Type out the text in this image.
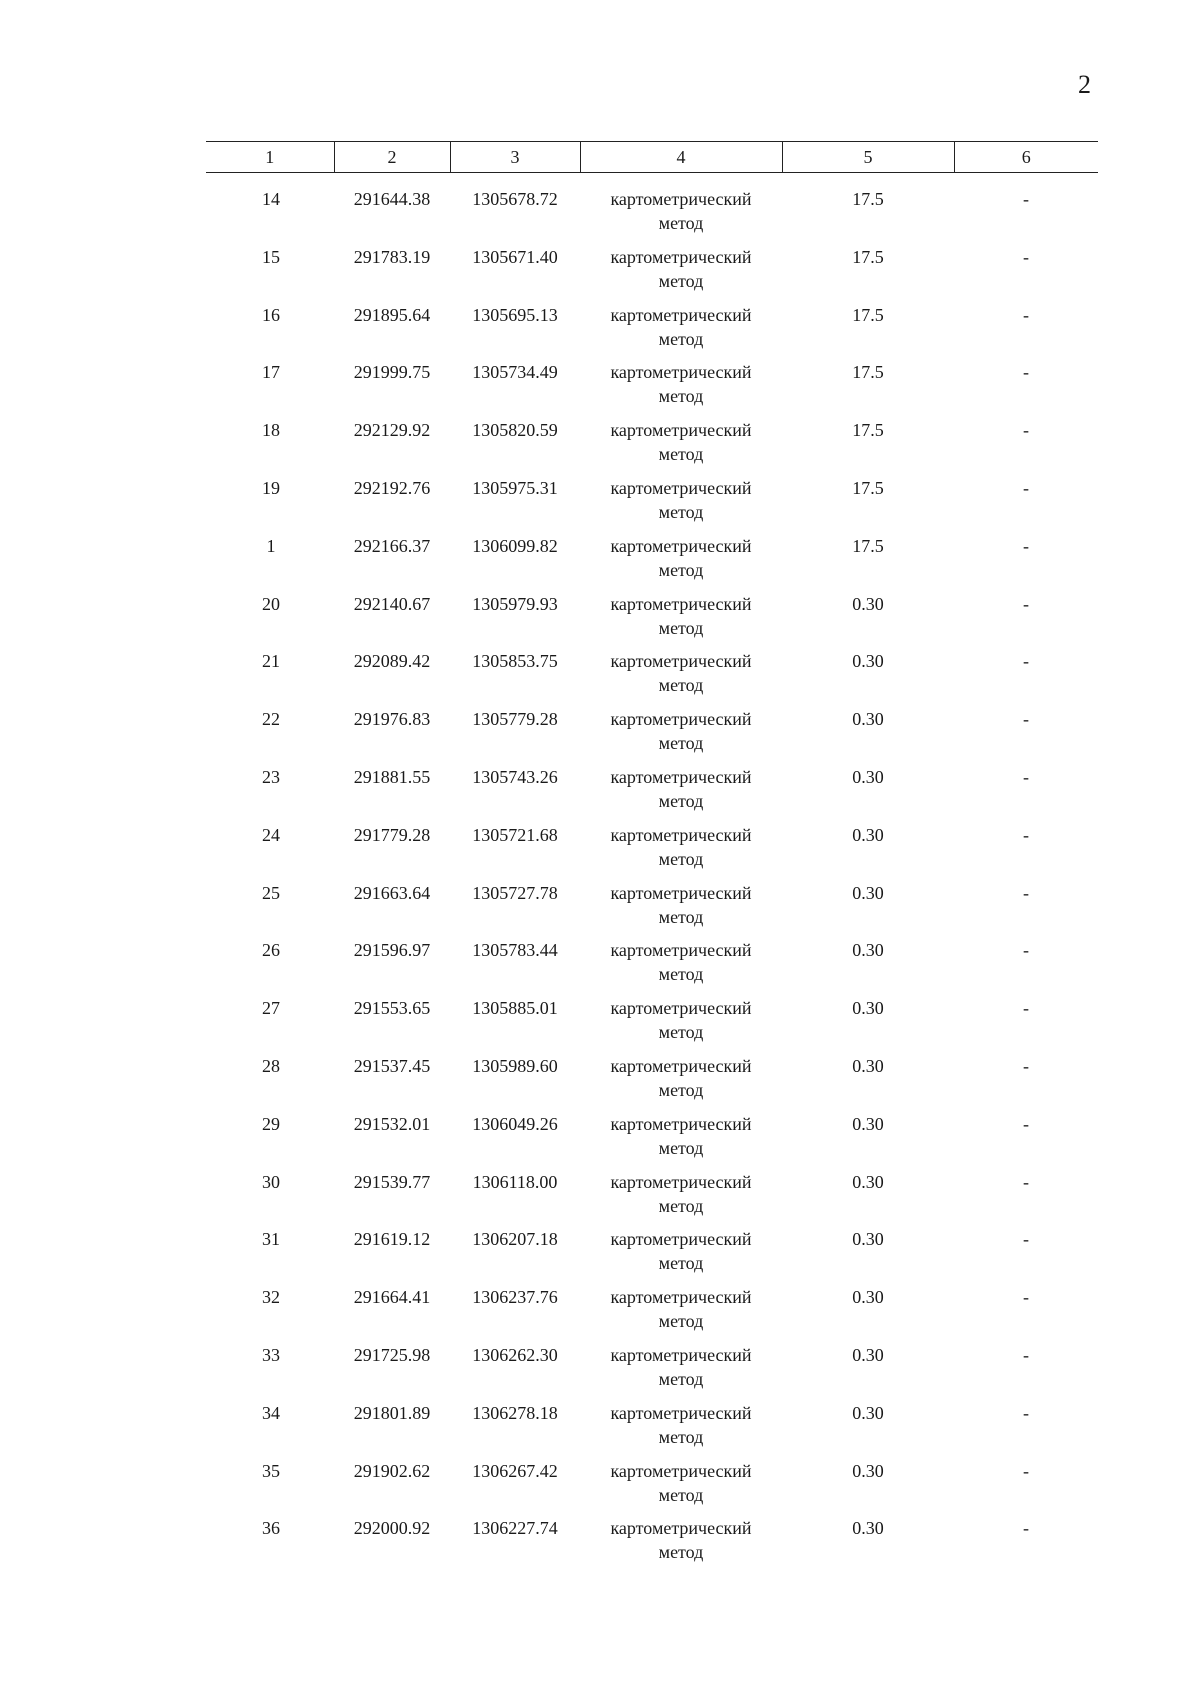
2
1	2	3	4	5	6

14	291644.38	1305678.72	картометрический
метод	17.5	-
15	291783.19	1305671.40	картометрический
метод	17.5	-
16	291895.64	1305695.13	картометрический
метод	17.5	-
17	291999.75	1305734.49	картометрический
метод	17.5	-
18	292129.92	1305820.59	картометрический
метод	17.5	-
19	292192.76	1305975.31	картометрический
метод	17.5	-
1	292166.37	1306099.82	картометрический
метод	17.5	-
20	292140.67	1305979.93	картометрический
метод	0.30	-
21	292089.42	1305853.75	картометрический
метод	0.30	-
22	291976.83	1305779.28	картометрический
метод	0.30	-
23	291881.55	1305743.26	картометрический
метод	0.30	-
24	291779.28	1305721.68	картометрический
метод	0.30	-
25	291663.64	1305727.78	картометрический
метод	0.30	-
26	291596.97	1305783.44	картометрический
метод	0.30	-
27	291553.65	1305885.01	картометрический
метод	0.30	-
28	291537.45	1305989.60	картометрический
метод	0.30	-
29	291532.01	1306049.26	картометрический
метод	0.30	-
30	291539.77	1306118.00	картометрический
метод	0.30	-
31	291619.12	1306207.18	картометрический
метод	0.30	-
32	291664.41	1306237.76	картометрический
метод	0.30	-
33	291725.98	1306262.30	картометрический
метод	0.30	-
34	291801.89	1306278.18	картометрический
метод	0.30	-
35	291902.62	1306267.42	картометрический
метод	0.30	-
36	292000.92	1306227.74	картометрический
метод	0.30	-
